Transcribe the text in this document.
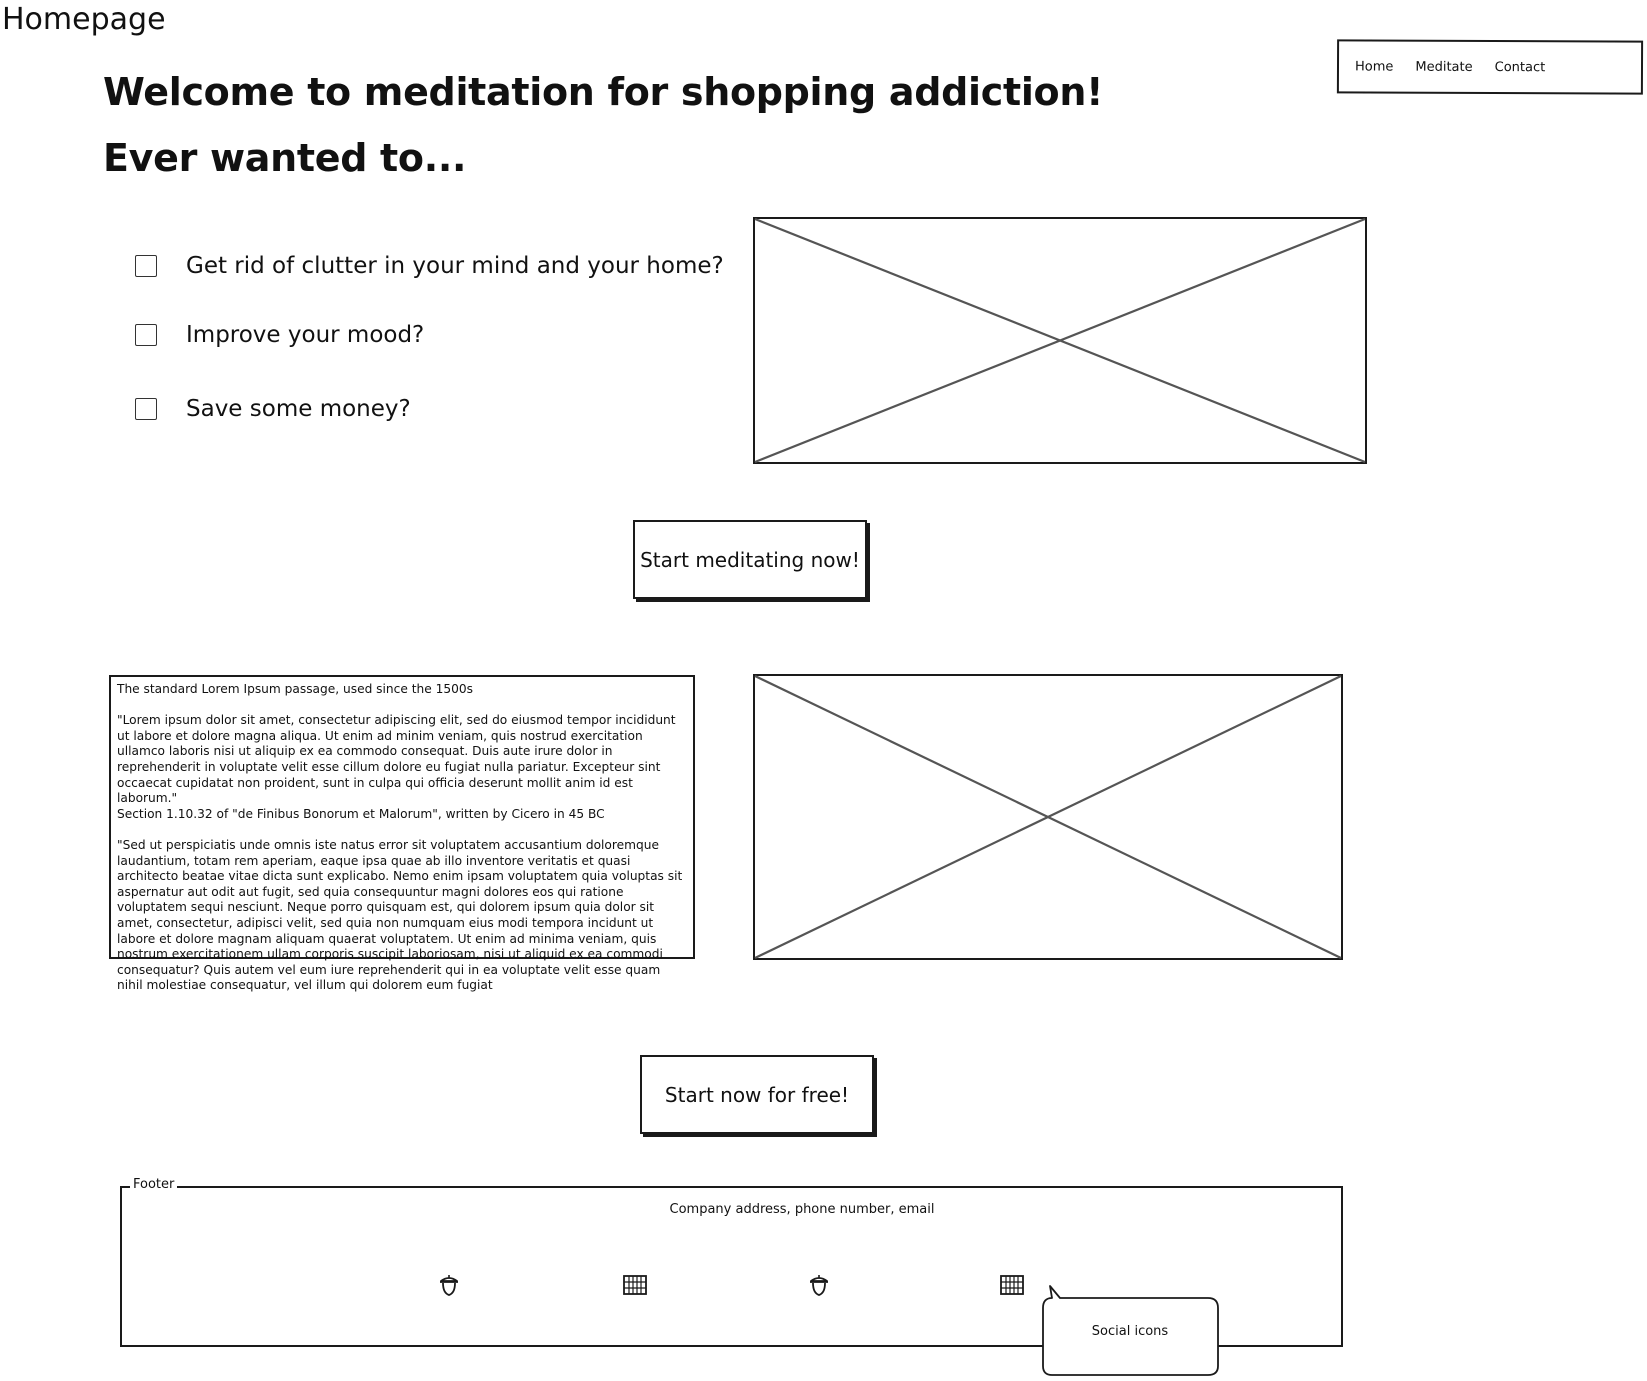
Homepage
Welcome to meditation for shopping addiction!
Ever wanted to...
Home Meditate Contact
Get rid of clutter in your mind and your home?
Improve your mood?
Save some money?
Start meditating now!

The standard Lorem Ipsum passage, used since the 1500s

"Lorem ipsum dolor sit amet, consectetur adipiscing elit, sed do eiusmod tempor incididunt ut labore et dolore magna aliqua. Ut enim ad minim veniam, quis nostrud exercitation ullamco laboris nisi ut aliquip ex ea commodo consequat. Duis aute irure dolor in reprehenderit in voluptate velit esse cillum dolore eu fugiat nulla pariatur. Excepteur sint occaecat cupidatat non proident, sunt in culpa qui officia deserunt mollit anim id est laborum."

Section 1.10.32 of "de Finibus Bonorum et Malorum", written by Cicero in 45 BC

"Sed ut perspiciatis unde omnis iste natus error sit voluptatem accusantium doloremque laudantium, totam rem aperiam, eaque ipsa quae ab illo inventore veritatis et quasi architecto beatae vitae dicta sunt explicabo. Nemo enim ipsam voluptatem quia voluptas sit aspernatur aut odit aut fugit, sed quia consequuntur magni dolores eos qui ratione voluptatem sequi nesciunt. Neque porro quisquam est, qui dolorem ipsum quia dolor sit amet, consectetur, adipisci velit, sed quia non numquam eius modi tempora incidunt ut labore et dolore magnam aliquam quaerat voluptatem. Ut enim ad minima veniam, quis nostrum exercitationem ullam corporis suscipit laboriosam, nisi ut aliquid ex ea commodi consequatur? Quis autem vel eum iure reprehenderit qui in ea voluptate velit esse quam nihil molestiae consequatur, vel illum qui dolorem eum fugiat

Start now for free!
Footer
Company address, phone number, email
Social icons
